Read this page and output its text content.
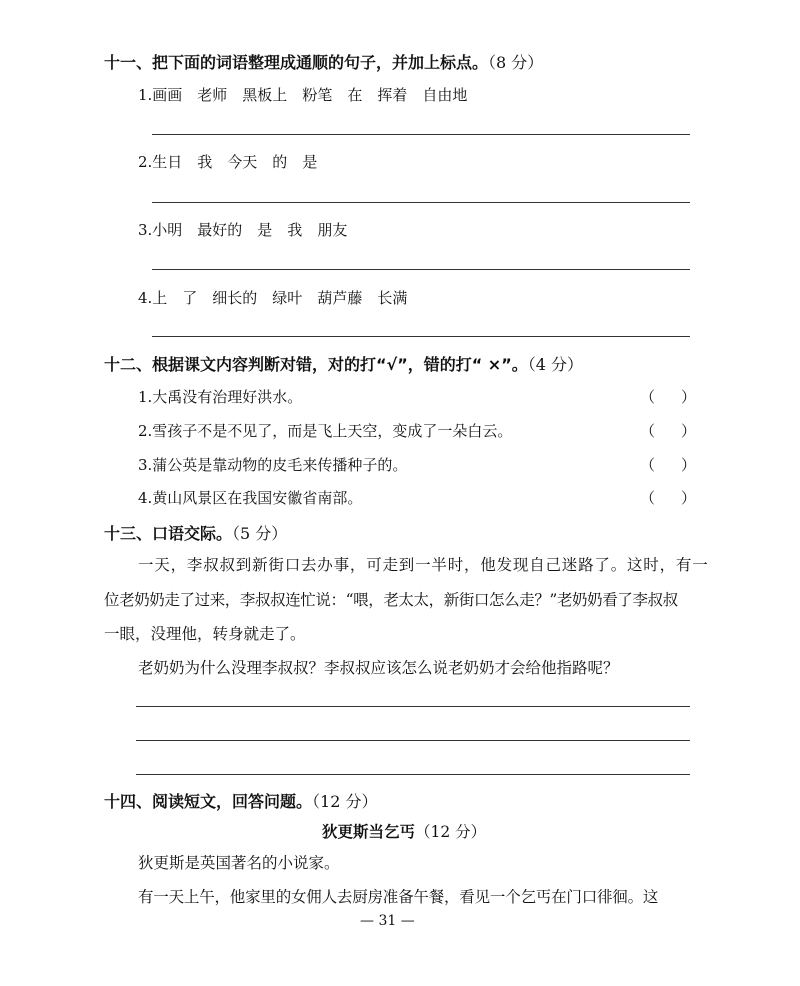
十一、把下面的词语整理成通顺的句子，并加上标点。（8 分）
1.画画　老师　黑板上　粉笔　在　挥着　自由地
2.生日　我　今天　的　是
3.小明　最好的　是　我　朋友
4.上　了　细长的　绿叶　葫芦藤　长满
十二、根据课文内容判断对错，对的打“√”，错的打“ ×”。（4 分）
1.大禹没有治理好洪水。	（）
2.雪孩子不是不见了，而是飞上天空，变成了一朵白云。	（）
3.蒲公英是靠动物的皮毛来传播种子的。	（）
4.黄山风景区在我国安徽省南部。	（）
十三、口语交际。（5 分）
一天，李叔叔到新街口去办事，可走到一半时，他发现自己迷路了。这时，有一
位老奶奶走了过来，李叔叔连忙说：“喂，老太太，新街口怎么走？”老奶奶看了李叔叔
一眼，没理他，转身就走了。
老奶奶为什么没理李叔叔？李叔叔应该怎么说老奶奶才会给他指路呢？
十四、阅读短文，回答问题。（12 分）
狄更斯当乞丐（12 分）
狄更斯是英国著名的小说家。
有一天上午，他家里的女佣人去厨房准备午餐，看见一个乞丐在门口徘徊。这
— 31 —
